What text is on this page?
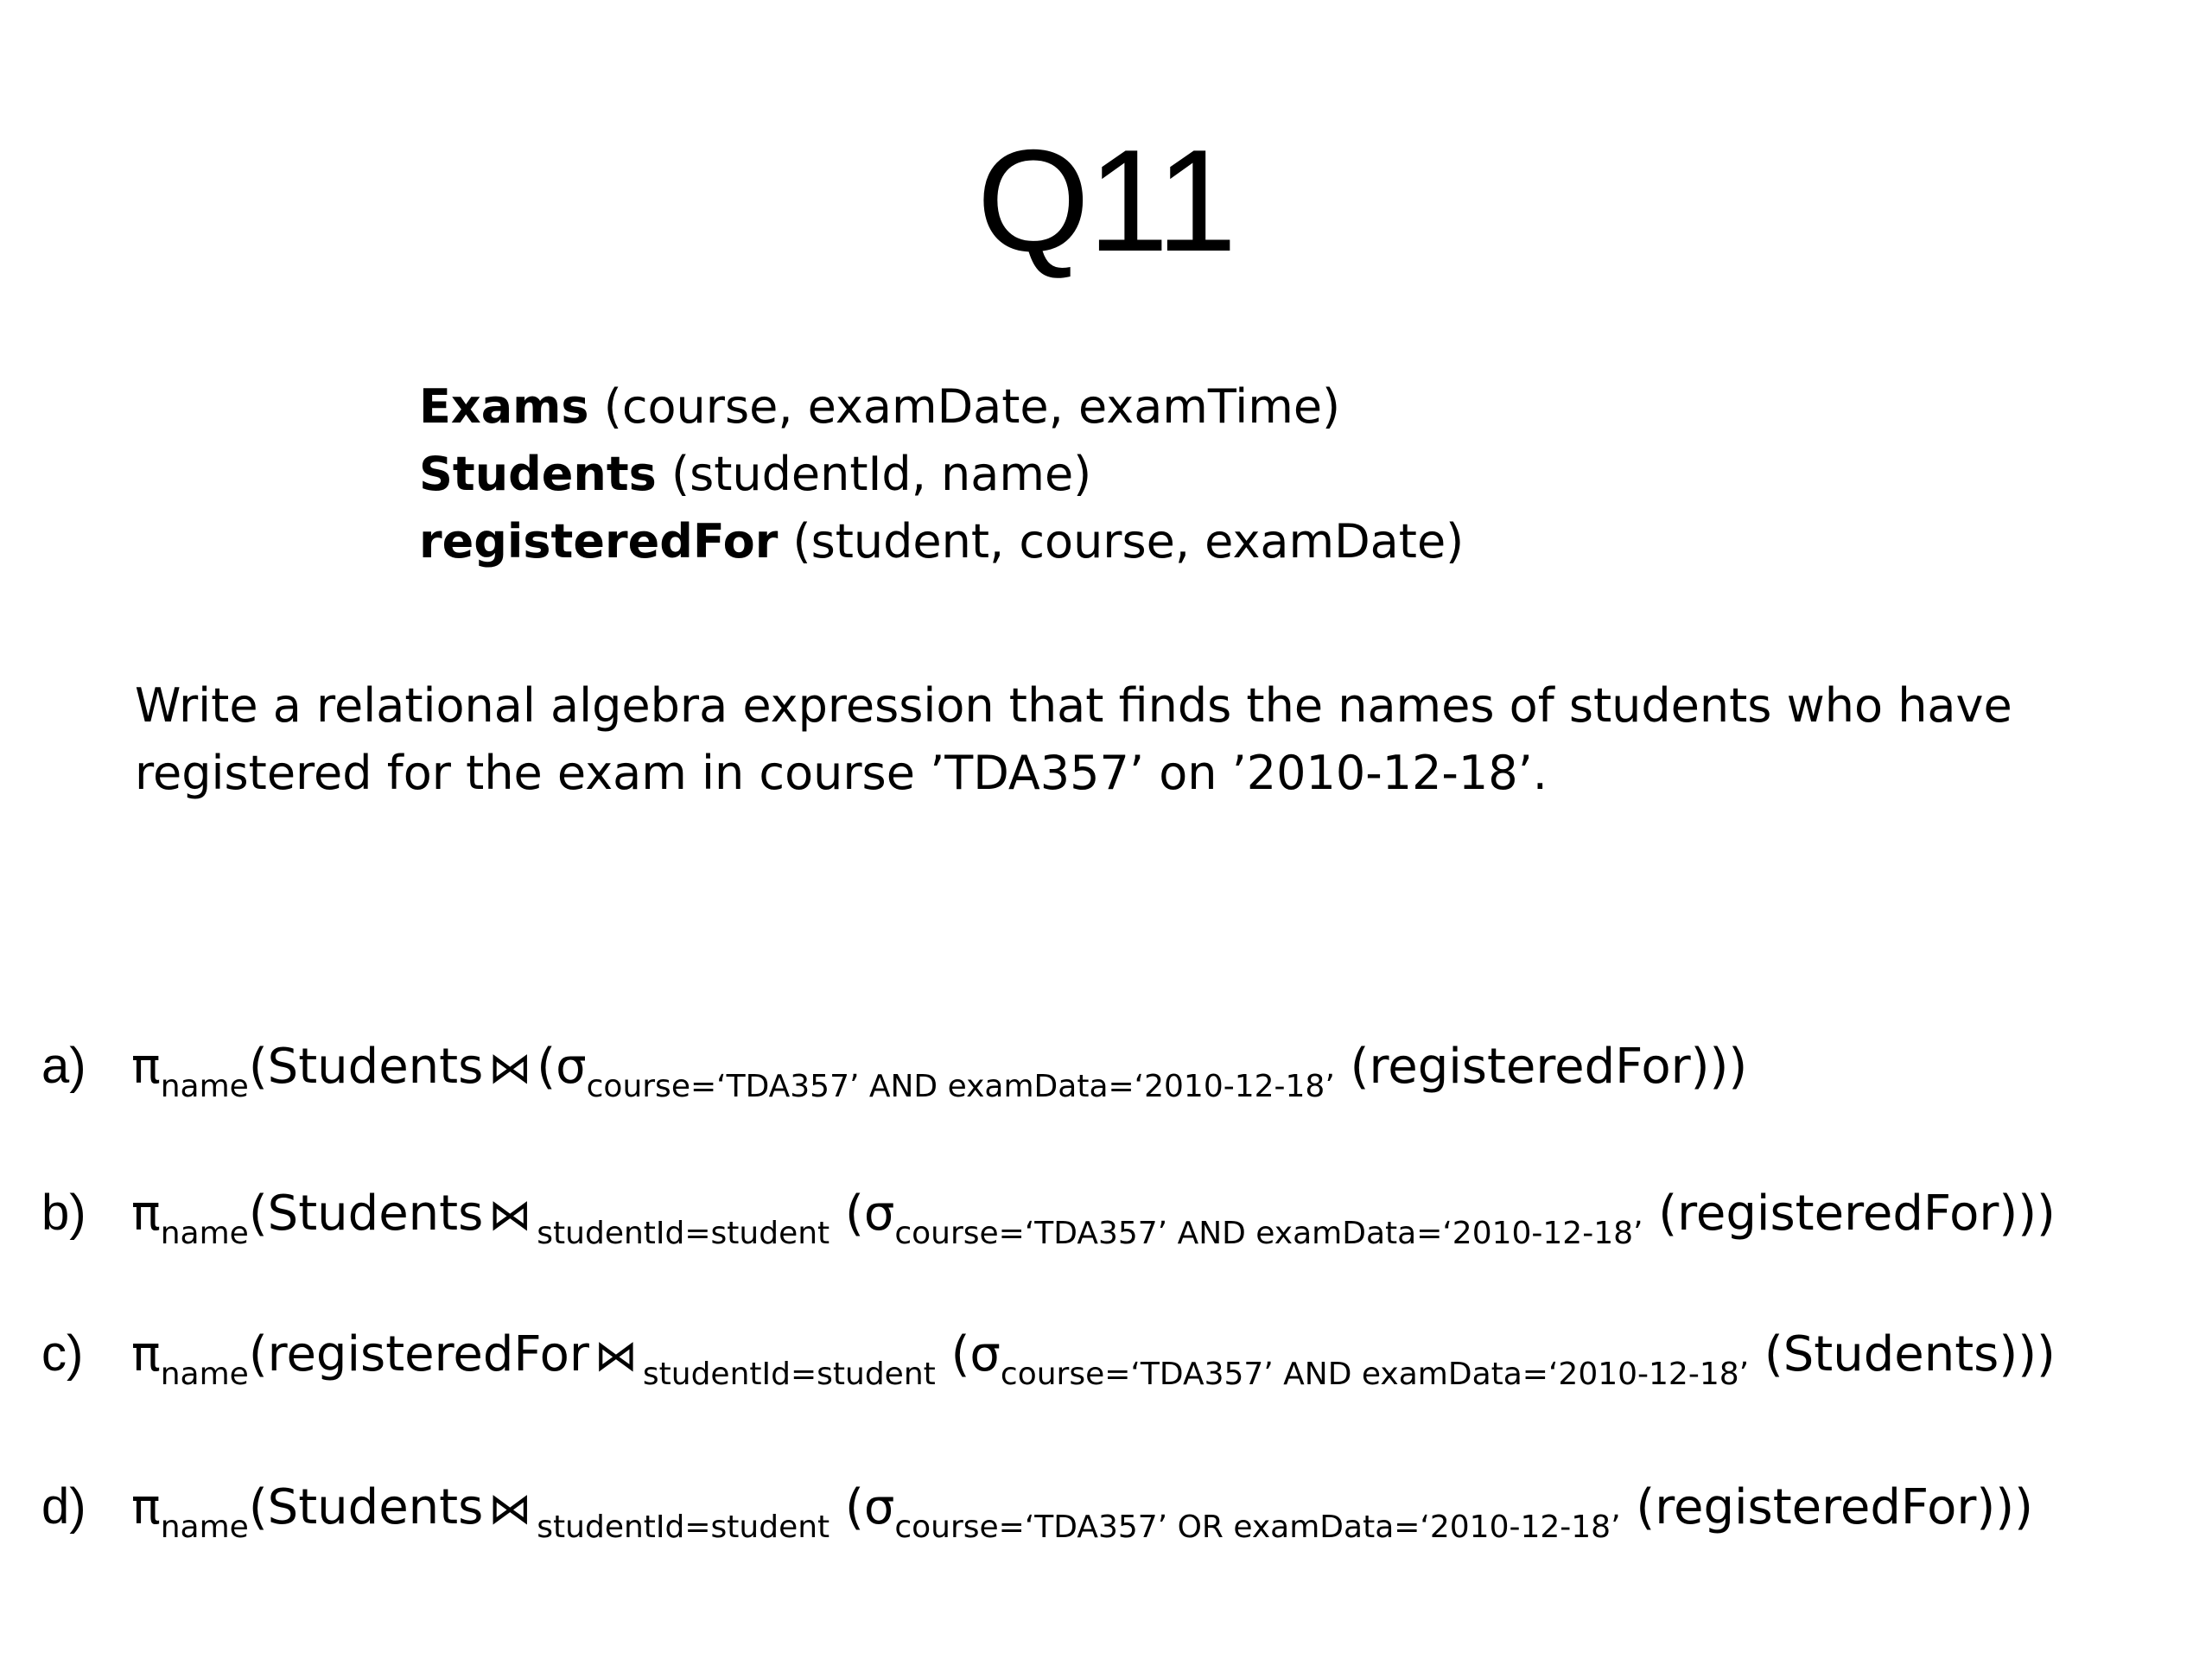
Q11
Exams (course, examDate, examTime)
Students (studentId, name)
registeredFor (student, course, examDate)
Write a relational algebra expression that finds the names of students who have
registered for the exam in course ’TDA357’ on ’2010-12-18’.
a) $\pi_{name}(Students$ ⋈ ($\sigma_{course=‘TDA357’ AND examData=‘2010-12-18’}$ (registeredFor)))
b) $\pi_{name}(Students$ ⋈ $_{studentId=student}$ ($\sigma_{course=‘TDA357’ AND examData=‘2010-12-18’}$ (registeredFor)))
c) $\pi_{name}(registeredFor$ ⋈ $_{studentId=student}$ ($\sigma_{course=‘TDA357’ AND examData=‘2010-12-18’}$ (Students)))
d) $\pi_{name}(Students$ ⋈ $_{studentId=student}$ ($\sigma_{course=‘TDA357’ OR examData=‘2010-12-18’}$ (registeredFor)))
